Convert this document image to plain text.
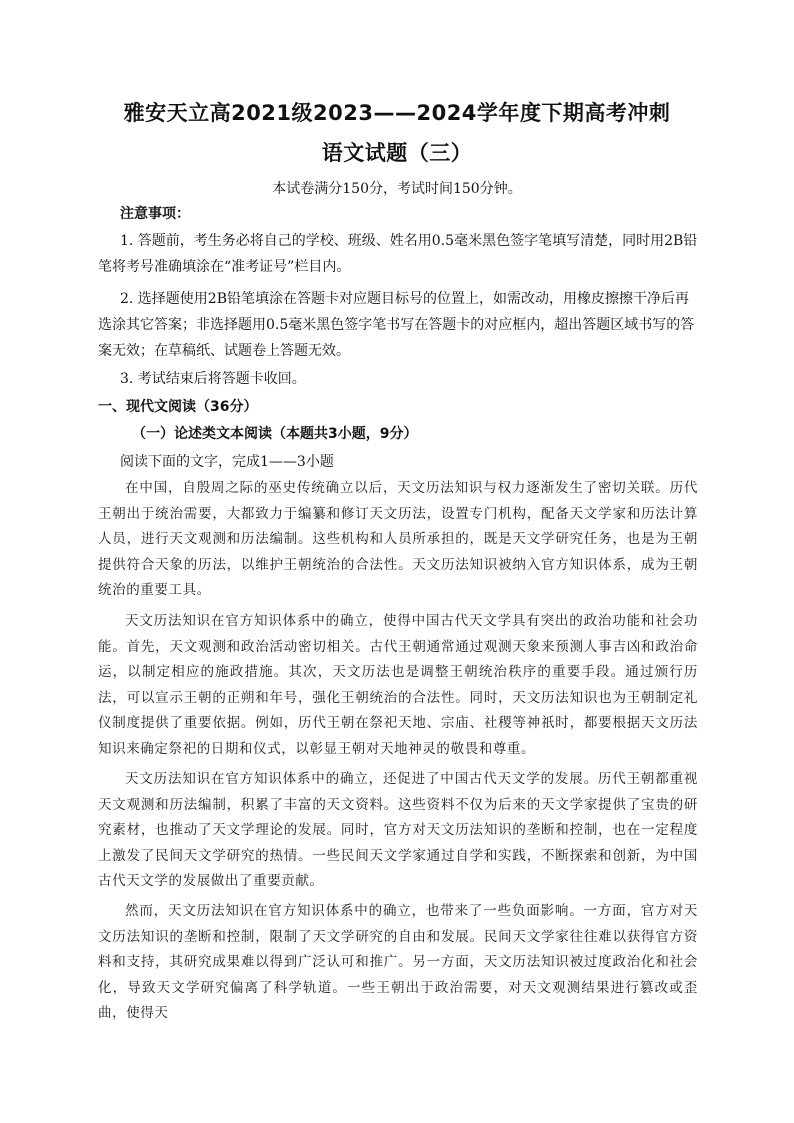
雅安天立高2021级2023——2024学年度下期高考冲刺
语文试题（三）
本试卷满分150分，考试时间150分钟。
注意事项：
1. 答题前，考生务必将自己的学校、班级、姓名用0.5毫米黑色签字笔填写清楚，同时用2B铅笔将考号准确填涂在“准考证号”栏目内。
2. 选择题使用2B铅笔填涂在答题卡对应题目标号的位置上，如需改动，用橡皮擦擦干净后再选涂其它答案；非选择题用0.5毫米黑色签字笔书写在答题卡的对应框内，超出答题区域书写的答案无效；在草稿纸、试题卷上答题无效。
3. 考试结束后将答题卡收回。
一、现代文阅读（36分）
（一）论述类文本阅读（本题共3小题，9分）
阅读下面的文字，完成1——3小题
在中国，自殷周之际的巫史传统确立以后，天文历法知识与权力逐渐发生了密切关联。历代王朝出于统治需要，大都致力于编纂和修订天文历法，设置专门机构，配备天文学家和历法计算人员，进行天文观测和历法编制。这些机构和人员所承担的，既是天文学研究任务，也是为王朝提供符合天象的历法，以维护王朝统治的合法性。天文历法知识被纳入官方知识体系，成为王朝统治的重要工具。
天文历法知识在官方知识体系中的确立，使得中国古代天文学具有突出的政治功能和社会功能。首先，天文观测和政治活动密切相关。古代王朝通常通过观测天象来预测人事吉凶和政治命运，以制定相应的施政措施。其次，天文历法也是调整王朝统治秩序的重要手段。通过颁行历法，可以宣示王朝的正朔和年号，强化王朝统治的合法性。同时，天文历法知识也为王朝制定礼仪制度提供了重要依据。例如，历代王朝在祭祀天地、宗庙、社稷等神祇时，都要根据天文历法知识来确定祭祀的日期和仪式，以彰显王朝对天地神灵的敬畏和尊重。
天文历法知识在官方知识体系中的确立，还促进了中国古代天文学的发展。历代王朝都重视天文观测和历法编制，积累了丰富的天文资料。这些资料不仅为后来的天文学家提供了宝贵的研究素材，也推动了天文学理论的发展。同时，官方对天文历法知识的垄断和控制，也在一定程度上激发了民间天文学研究的热情。一些民间天文学家通过自学和实践，不断探索和创新，为中国古代天文学的发展做出了重要贡献。
然而，天文历法知识在官方知识体系中的确立，也带来了一些负面影响。一方面，官方对天文历法知识的垄断和控制，限制了天文学研究的自由和发展。民间天文学家往往难以获得官方资料和支持，其研究成果难以得到广泛认可和推广。另一方面，天文历法知识被过度政治化和社会化，导致天文学研究偏离了科学轨道。一些王朝出于政治需要，对天文观测结果进行篡改或歪曲，使得天
